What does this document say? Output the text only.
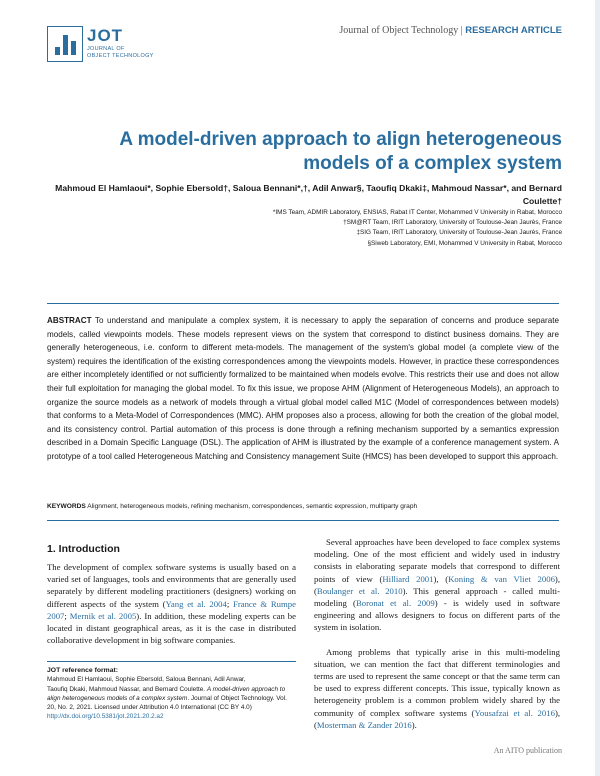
JOT
JOURNAL OF
OBJECT TECHNOLOGY
Journal of Object Technology | RESEARCH ARTICLE
A model-driven approach to align heterogeneous
models of a complex system
Mahmoud El Hamlaoui*, Sophie Ebersold†, Saloua Bennani*,†, Adil Anwar§, Taoufiq Dkaki‡, Mahmoud Nassar*, and Bernard
Coulette†
*IMS Team, ADMIR Laboratory, ENSIAS, Rabat IT Center, Mohammed V University in Rabat, Morocco
†SM@RT Team, IRIT Laboratory, University of Toulouse-Jean Jaurès, France
‡SIG Team, IRIT Laboratory, University of Toulouse-Jean Jaurès, France
§Siweb Laboratory, EMI, Mohammed V University in Rabat, Morocco
ABSTRACT To understand and manipulate a complex system, it is necessary to apply the separation of concerns and produce separate models, called viewpoints models. These models represent views on the system that correspond to distinct business domains. They are generally heterogeneous, i.e. conform to different meta-models. The management of the system's global model (a complete view of the system) requires the identification of the existing correspondences among the viewpoints models. However, in practice these correspondences are either incompletely identified or not sufficiently formalized to be maintained when models evolve. This restricts their use and does not allow their full exploitation for managing the global model. To fix this issue, we propose AHM (Alignment of Heterogeneous Models), an approach to organize the source models as a network of models through a virtual global model called M1C (Model of correspondences between models) that conforms to a Meta-Model of Correspondences (MMC). AHM proposes also a process, allowing for both the creation of the global model, and its consistency control. Partial automation of this process is done through a refining mechanism supported by a semantics expression described in a Domain Specific Language (DSL). The application of AHM is illustrated by the example of a conference management system. A prototype of a tool called Heterogeneous Matching and Consistency management Suite (HMCS) has been developed to support this approach.
KEYWORDS Alignment, heterogeneous models, refining mechanism, correspondences, semantic expression, multiparty graph
1. Introduction
The development of complex software systems is usually based on a varied set of languages, tools and environments that are generally used separately by different modeling practitioners (designers) working on different aspects of the system (Yang et al. 2004; France & Rumpe 2007; Mernik et al. 2005). In addition, these modeling experts can be located in distant geographical areas, as it is the case in distributed collaborative development in big software companies.
JOT reference format:
Mahmoud El Hamlaoui, Sophie Ebersold, Saloua Bennani, Adil Anwar,
Taoufiq Dkaki, Mahmoud Nassar, and Bernard Coulette. A model-driven approach to align heterogeneous models of a complex system. Journal of Object Technology. Vol. 20, No. 2, 2021. Licensed under Attribution 4.0 International (CC BY 4.0) http://dx.doi.org/10.5381/jot.2021.20.2.a2

Several approaches have been developed to face complex systems modeling. One of the most efficient and widely used in industry consists in elaborating separate models that correspond to different points of view (Hilliard 2001), (Koning & van Vliet 2006), (Boulanger et al. 2010). This general approach - called multi-modeling (Boronat et al. 2009) - is widely used in software engineering and allows designers to focus on different parts of the system in isolation.

Among problems that typically arise in this multi-modeling situation, we can mention the fact that different terminologies and terms are used to represent the same concept or that the same term can be used to express different concepts. This issue, typically known as heterogeneity problem is a common problem widely shared by the community of complex software systems (Yousafzai et al. 2016), (Mosterman & Zander 2016).

An AITO publication
